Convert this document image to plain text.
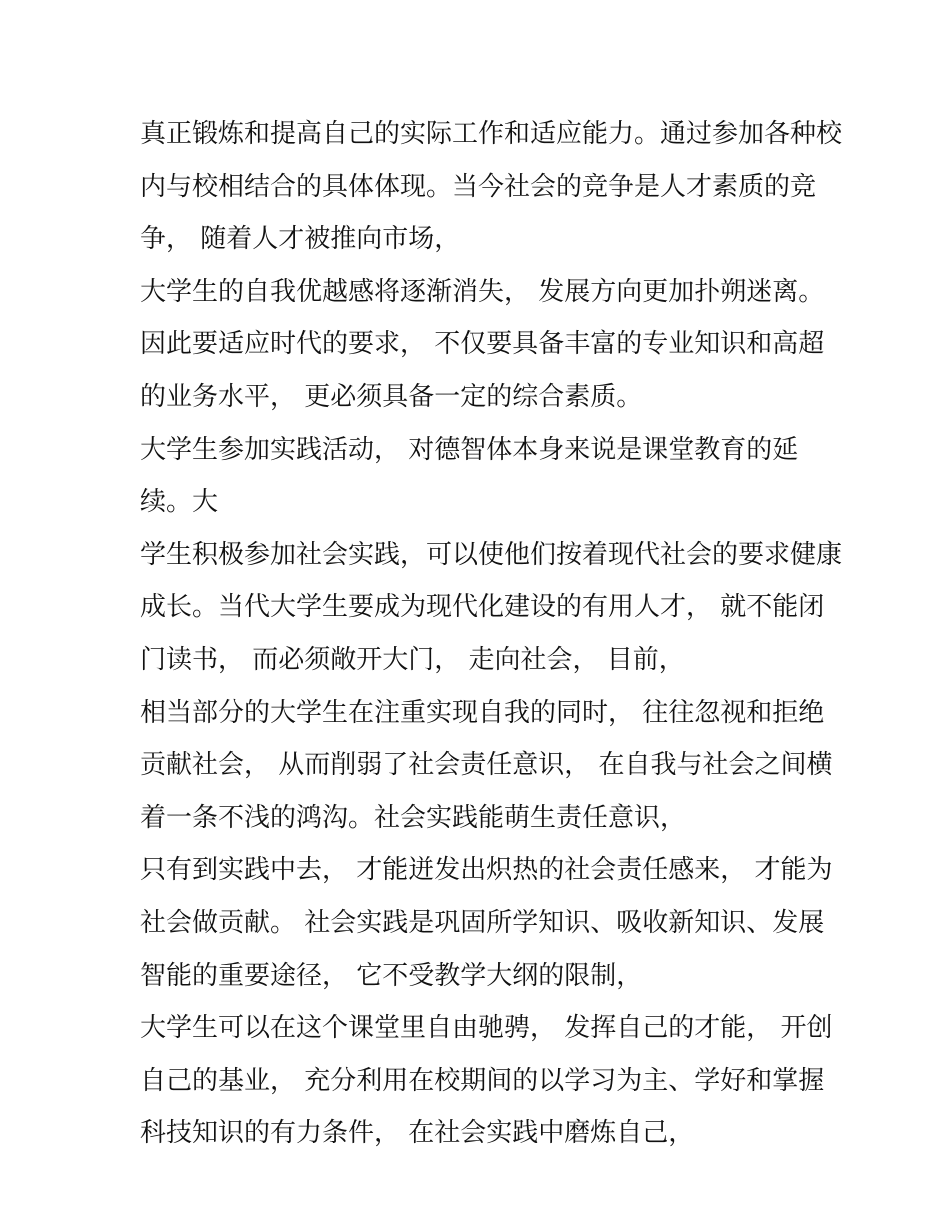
真正锻炼和提高自己的实际工作和适应能力。通过参加各种校
内与校相结合的具体体现。当今社会的竞争是人才素质的竞
争， 随着人才被推向市场，
大学生的自我优越感将逐渐消失， 发展方向更加扑朔迷离。
因此要适应时代的要求， 不仅要具备丰富的专业知识和高超
的业务水平， 更必须具备一定的综合素质。
大学生参加实践活动， 对德智体本身来说是课堂教育的延
续。大
学生积极参加社会实践，可以使他们按着现代社会的要求健康
成长。当代大学生要成为现代化建设的有用人才， 就不能闭
门读书， 而必须敞开大门， 走向社会， 目前，
相当部分的大学生在注重实现自我的同时， 往往忽视和拒绝
贡献社会， 从而削弱了社会责任意识， 在自我与社会之间横
着一条不浅的鸿沟。社会实践能萌生责任意识，
只有到实践中去， 才能迸发出炽热的社会责任感来， 才能为
社会做贡献。 社会实践是巩固所学知识、吸收新知识、发展
智能的重要途径， 它不受教学大纲的限制，
大学生可以在这个课堂里自由驰骋， 发挥自己的才能， 开创
自己的基业， 充分利用在校期间的以学习为主、学好和掌握
科技知识的有力条件， 在社会实践中磨炼自己，
